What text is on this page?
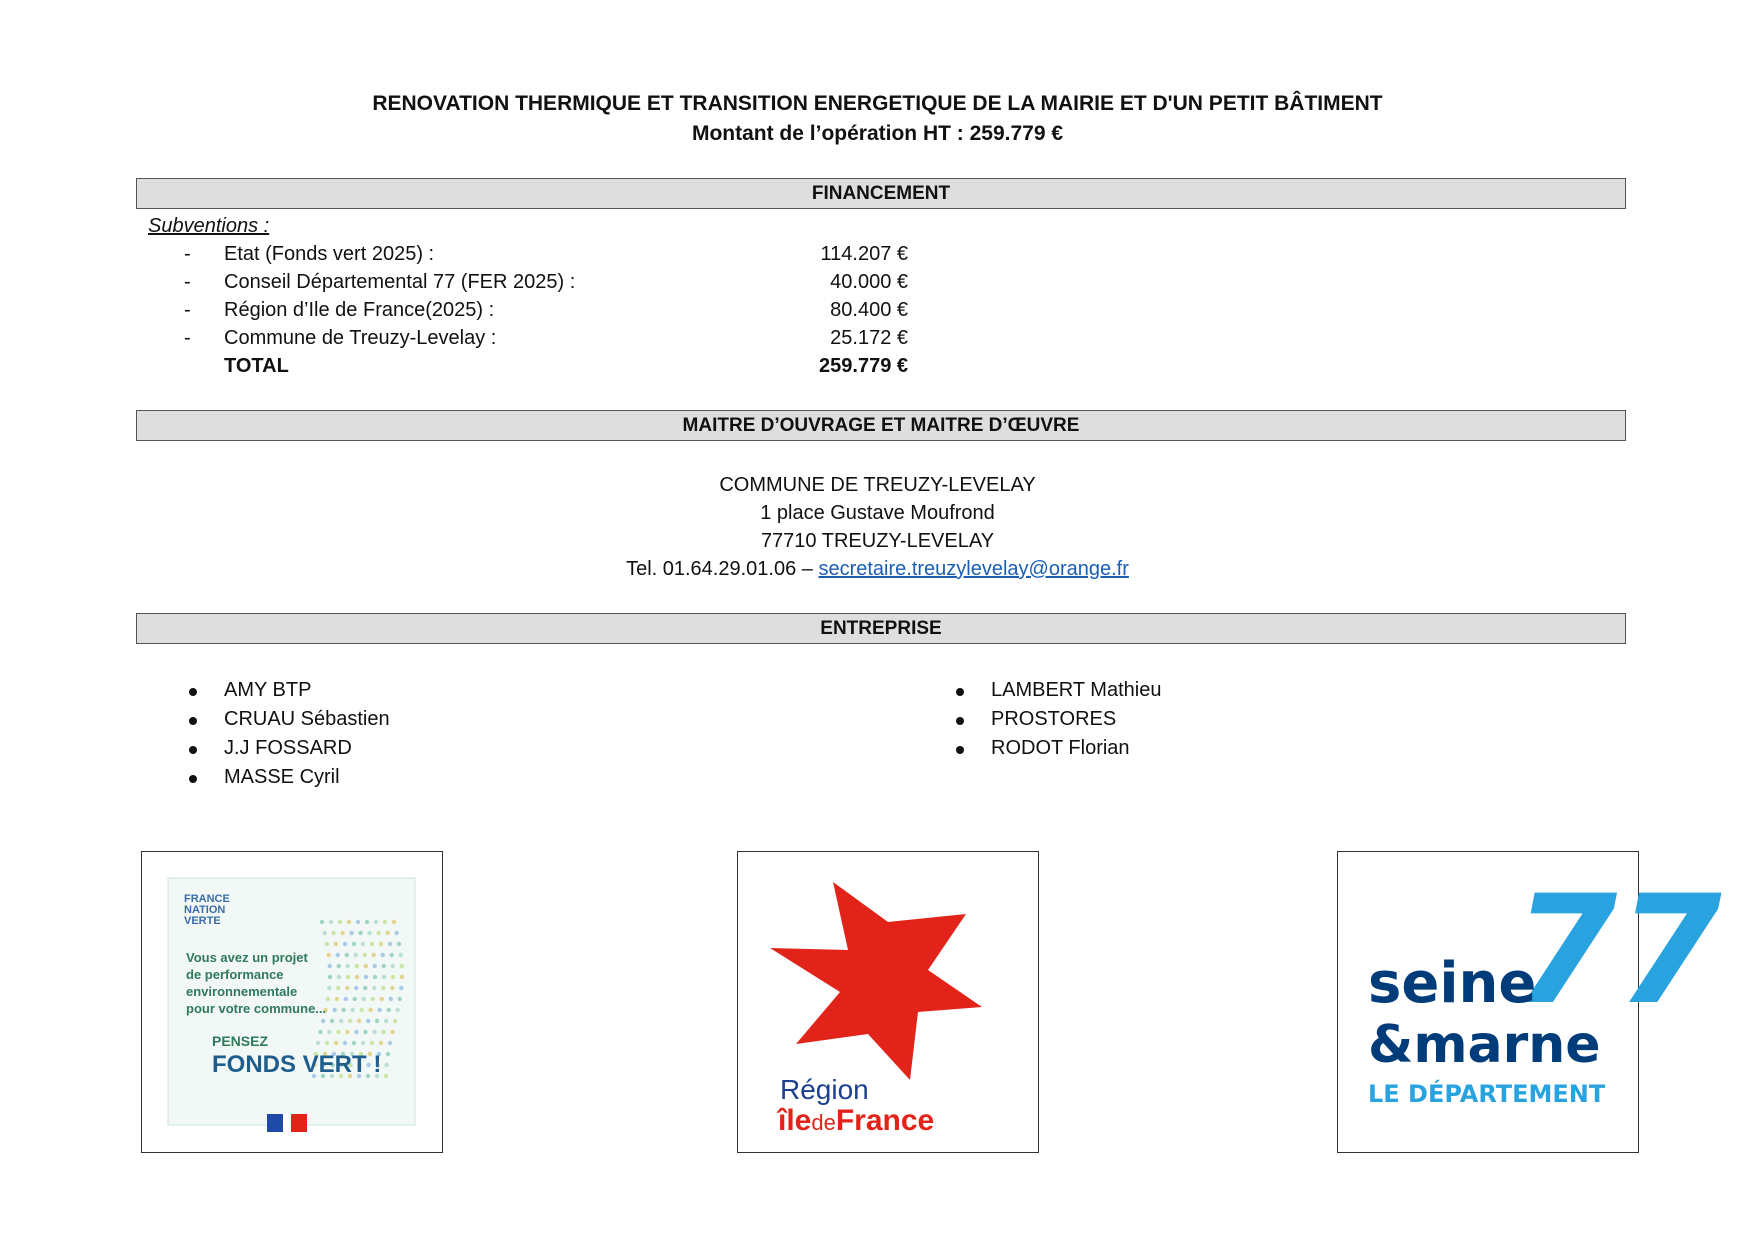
RENOVATION THERMIQUE ET TRANSITION ENERGETIQUE DE LA MAIRIE ET D'UN PETIT BÂTIMENT
Montant de l’opération HT : 259.779 €
FINANCEMENT
Subventions :
- Etat (Fonds vert 2025) :	114.207 €
- Conseil Départemental 77 (FER 2025) :	40.000 €
- Région d’Ile de France(2025) :	80.400 €
- Commune de Treuzy-Levelay :	25.172 €
TOTAL	259.779 €
MAITRE D’OUVRAGE ET MAITRE D’ŒUVRE
COMMUNE DE TREUZY-LEVELAY
1 place Gustave Moufrond
77710 TREUZY-LEVELAY
Tel. 01.64.29.01.06 – secretaire.treuzylevelay@orange.fr
ENTREPRISE
AMY BTP
CRUAU Sébastien
J.J FOSSARD
MASSE Cyril
LAMBERT Mathieu
PROSTORES
RODOT Florian
FRANCE
NATION
VERTE
Vous avez un projet
de performance
environnementale
pour votre commune...
PENSEZ
FONDS VERT !
Région
îledeFrance
77
seine
&marne
LE DÉPARTEMENT
